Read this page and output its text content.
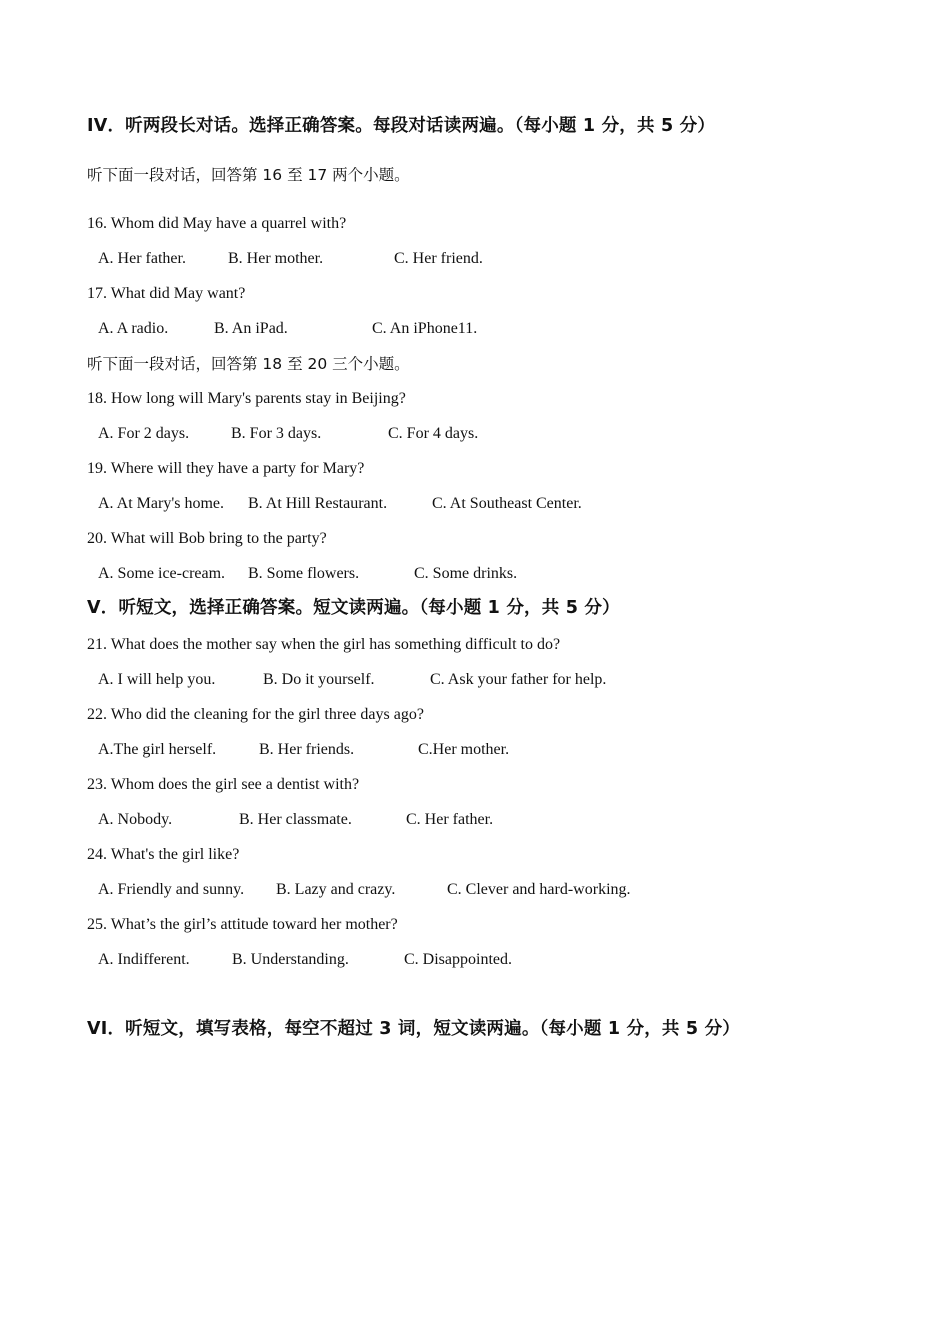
IV．听两段长对话。选择正确答案。每段对话读两遍。（每小题 1 分，共 5 分）
听下面一段对话，回答第 16 至 17 两个小题。
16. Whom did May have a quarrel with?
A. Her father.	B. Her mother.	C. Her friend.
17. What did May want?
A. A radio.	B. An iPad.	C. An iPhone11.
听下面一段对话，回答第 18 至 20 三个小题。
18. How long will Mary's parents stay in Beijing?
A. For 2 days.	B. For 3 days.	C. For 4 days.
19. Where will they have a party for Mary?
A. At Mary's home. B. At Hill Restaurant.	C. At Southeast Center.
20. What will Bob bring to the party?
A. Some ice-cream. B. Some flowers.	C. Some drinks.
V．听短文，选择正确答案。短文读两遍。（每小题 1 分，共 5 分）
21. What does the mother say when the girl has something difficult to do?
A. I will help you.	B. Do it yourself.	C. Ask your father for help.
22. Who did the cleaning for the girl three days ago?
A.The girl herself.	B. Her friends.	C.Her mother.
23. Whom does the girl see a dentist with?
A. Nobody.	B. Her classmate.	C. Her father.
24. What's the girl like?
A. Friendly and sunny. B. Lazy and crazy.	C. Clever and hard-working.
25. What’s the girl’s attitude toward her mother?
A. Indifferent.	B. Understanding.	C. Disappointed.
VI．听短文，填写表格，每空不超过 3 词，短文读两遍。（每小题 1 分，共 5 分）
